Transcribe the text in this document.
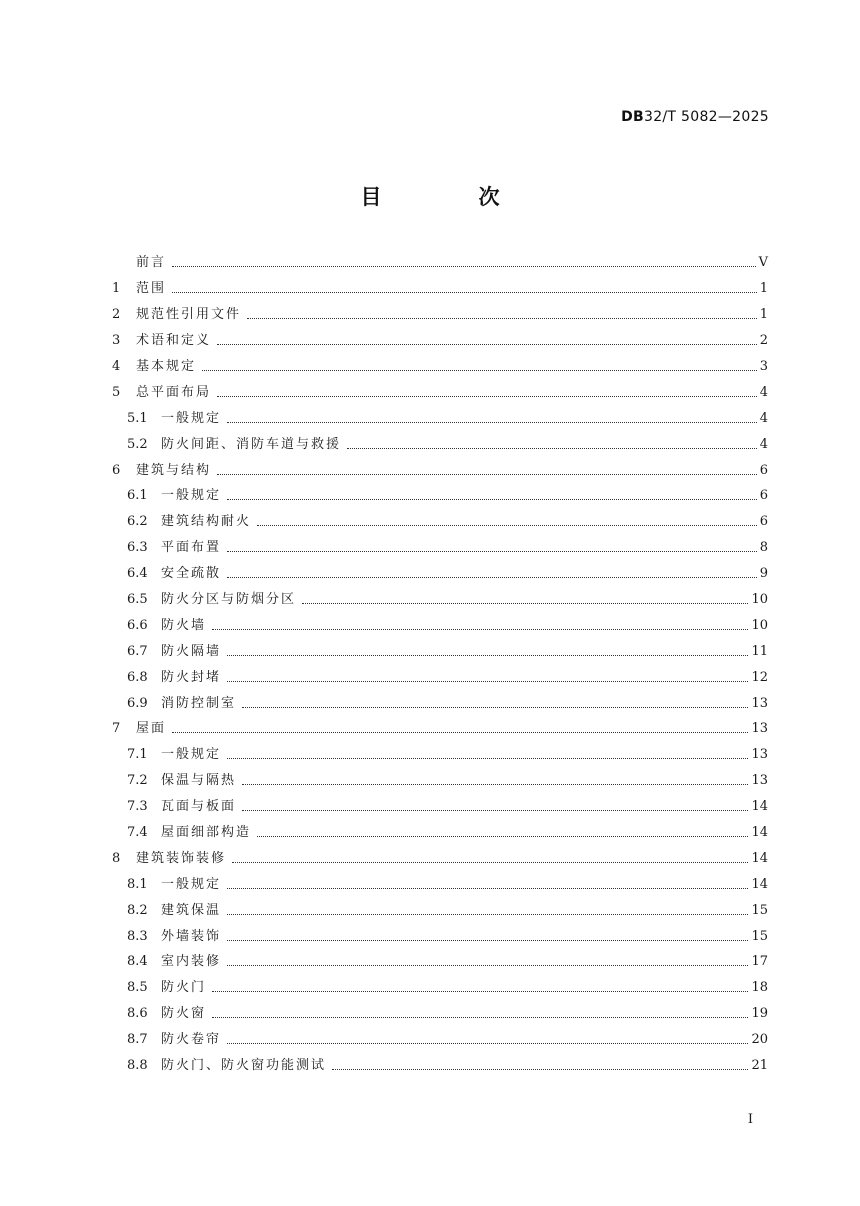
DB32/T 5082—2025
目　次
前言	V
1	范围	1
2	规范性引用文件	1
3	术语和定义	2
4	基本规定	3
5	总平面布局	4
5.1	一般规定	4
5.2	防火间距、消防车道与救援	4
6	建筑与结构	6
6.1	一般规定	6
6.2	建筑结构耐火	6
6.3	平面布置	8
6.4	安全疏散	9
6.5	防火分区与防烟分区	10
6.6	防火墙	10
6.7	防火隔墙	11
6.8	防火封堵	12
6.9	消防控制室	13
7	屋面	13
7.1	一般规定	13
7.2	保温与隔热	13
7.3	瓦面与板面	14
7.4	屋面细部构造	14
8	建筑装饰装修	14
8.1	一般规定	14
8.2	建筑保温	15
8.3	外墙装饰	15
8.4	室内装修	17
8.5	防火门	18
8.6	防火窗	19
8.7	防火卷帘	20
8.8	防火门、防火窗功能测试	21
I
